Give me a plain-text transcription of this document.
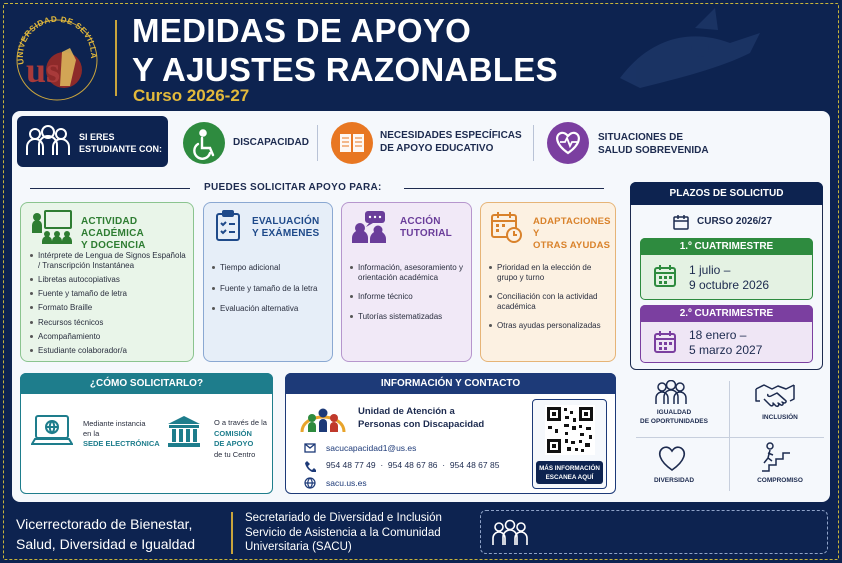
UNIVERSIDAD DE SEVILLA
us
MEDIDAS DE APOYO
Y AJUSTES RAZONABLES
Curso 2026-27
SI ERES
ESTUDIANTE CON:
DISCAPACIDAD
NECESIDADES ESPECÍFICAS
DE APOYO EDUCATIVO
SITUACIONES DE
SALUD SOBREVENIDA
PUEDES SOLICITAR APOYO PARA:
ACTIVIDAD ACADÉMICA
Y DOCENCIA
Intérprete de Lengua de Signos Española / Transcripción Instantánea
Libretas autocopiativas
Fuente y tamaño de letra
Formato Braille
Recursos técnicos
Acompañamiento
Estudiante colaborador/a
EVALUACIÓN
Y EXÁMENES
Tiempo adicional
Fuente y tamaño de la letra
Evaluación alternativa
ACCIÓN
TUTORIAL
Información, asesoramiento y orientación académica
Informe técnico
Tutorías sistematizadas
ADAPTACIONES Y
OTRAS AYUDAS
Prioridad en la elección de grupo y turno
Conciliación con la actividad académica
Otras ayudas personalizadas
PLAZOS DE SOLICITUD
CURSO 2026/27
1.º CUATRIMESTRE
1 julio –
9 octubre 2026
2.º CUATRIMESTRE
18 enero –
5 marzo 2027
¿CÓMO SOLICITARLO?
Mediante instancia
en la
SEDE ELECTRÓNICA
O a través de la
COMISIÓN
DE APOYO
de tu Centro
INFORMACIÓN Y CONTACTO
Unidad de Atención a
Personas con Discapacidad
sacucapacidad1@us.es
954 48 77 49  ·  954 48 67 86  ·  954 48 67 85
sacu.us.es
MÁS INFORMACIÓN
ESCANEA AQUÍ
IGUALDAD
DE OPORTUNIDADES
INCLUSIÓN
DIVERSIDAD	COMPROMISO
Vicerrectorado de Bienestar,
Salud, Diversidad e Igualdad
Secretariado de Diversidad e Inclusión
Servicio de Asistencia a la Comunidad
Universitaria (SACU)
